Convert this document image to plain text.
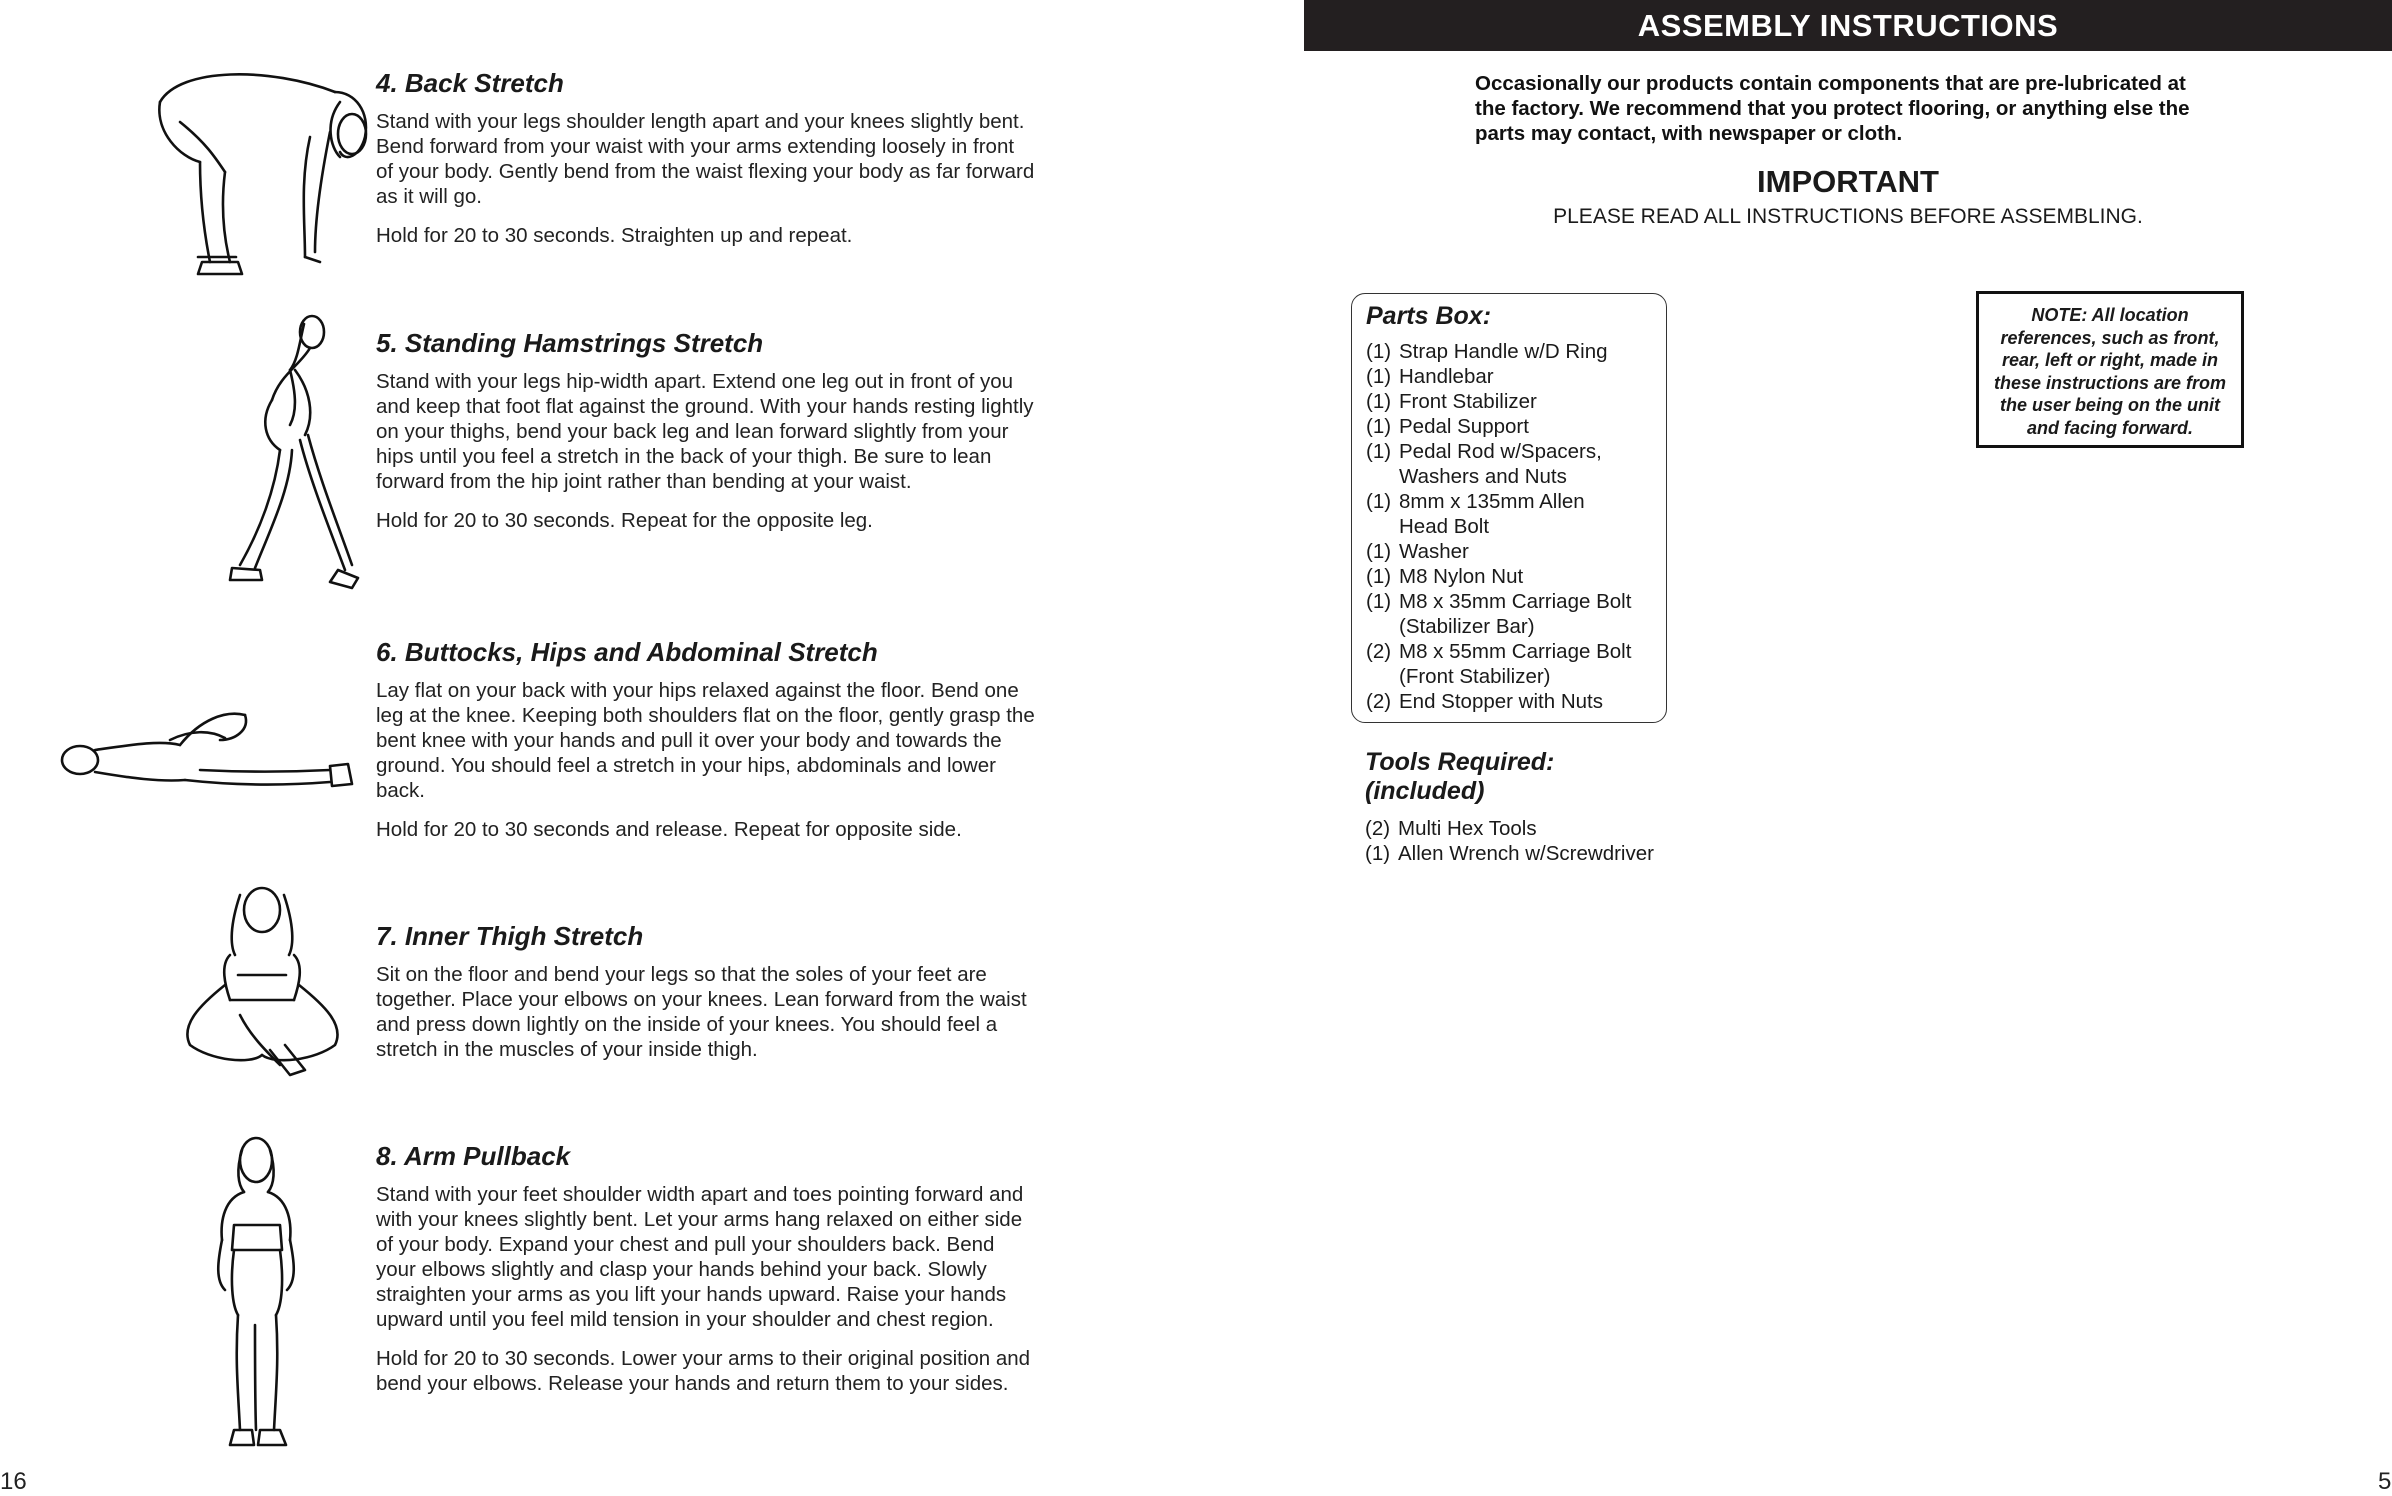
4. Back Stretch

Stand with your legs shoulder length apart and your knees slightly bent. Bend forward from your waist with your arms extending loosely in front of your body. Gently bend from the waist flexing your body as far forward as it will go.

Hold for 20 to 30 seconds. Straighten up and repeat.

5. Standing Hamstrings Stretch

Stand with your legs hip-width apart. Extend one leg out in front of you and keep that foot flat against the ground. With your hands resting lightly on your thighs, bend your back leg and lean forward slightly from your hips until you feel a stretch in the back of your thigh. Be sure to lean forward from the hip joint rather than bending at your waist.

Hold for 20 to 30 seconds. Repeat for the opposite leg.

6. Buttocks, Hips and Abdominal Stretch

Lay flat on your back with your hips relaxed against the floor. Bend one leg at the knee. Keeping both shoulders flat on the floor, gently grasp the bent knee with your hands and pull it over your body and towards the ground. You should feel a stretch in your hips, abdominals and lower back.

Hold for 20 to 30 seconds and release. Repeat for opposite side.

7. Inner Thigh Stretch

Sit on the floor and bend your legs so that the soles of your feet are together. Place your elbows on your knees. Lean forward from the waist and press down lightly on the inside of your knees. You should feel a stretch in the muscles of your inside thigh.

8. Arm Pullback

Stand with your feet shoulder width apart and toes pointing forward and with your knees slightly bent. Let your arms hang relaxed on either side of your body. Expand your chest and pull your shoulders back. Bend your elbows slightly and clasp your hands behind your back. Slowly straighten your arms as you lift your hands upward. Raise your hands upward until you feel mild tension in your shoulder and chest region.

Hold for 20 to 30 seconds. Lower your arms to their original position and bend your elbows. Release your hands and return them to your sides.

16
ASSEMBLY INSTRUCTIONS
Occasionally our products contain components that are pre-lubricated at the factory. We recommend that you protect flooring, or anything else the parts may contact, with newspaper or cloth.
IMPORTANT
PLEASE READ ALL INSTRUCTIONS BEFORE ASSEMBLING.
Parts Box:
(1) Strap Handle w/D Ring
(1) Handlebar
(1) Front Stabilizer
(1) Pedal Support
(1) Pedal Rod w/Spacers,
Washers and Nuts
(1) 8mm x 135mm Allen
Head Bolt
(1) Washer
(1) M8 Nylon Nut
(1) M8 x 35mm Carriage Bolt
(Stabilizer Bar)
(2) M8 x 55mm Carriage Bolt
(Front Stabilizer)
(2) End Stopper with Nuts
Tools Required:
(included)
(2) Multi Hex Tools
(1) Allen Wrench w/Screwdriver
NOTE: All location references, such as front, rear, left or right, made in these instructions are from the user being on the unit and facing forward.
5
